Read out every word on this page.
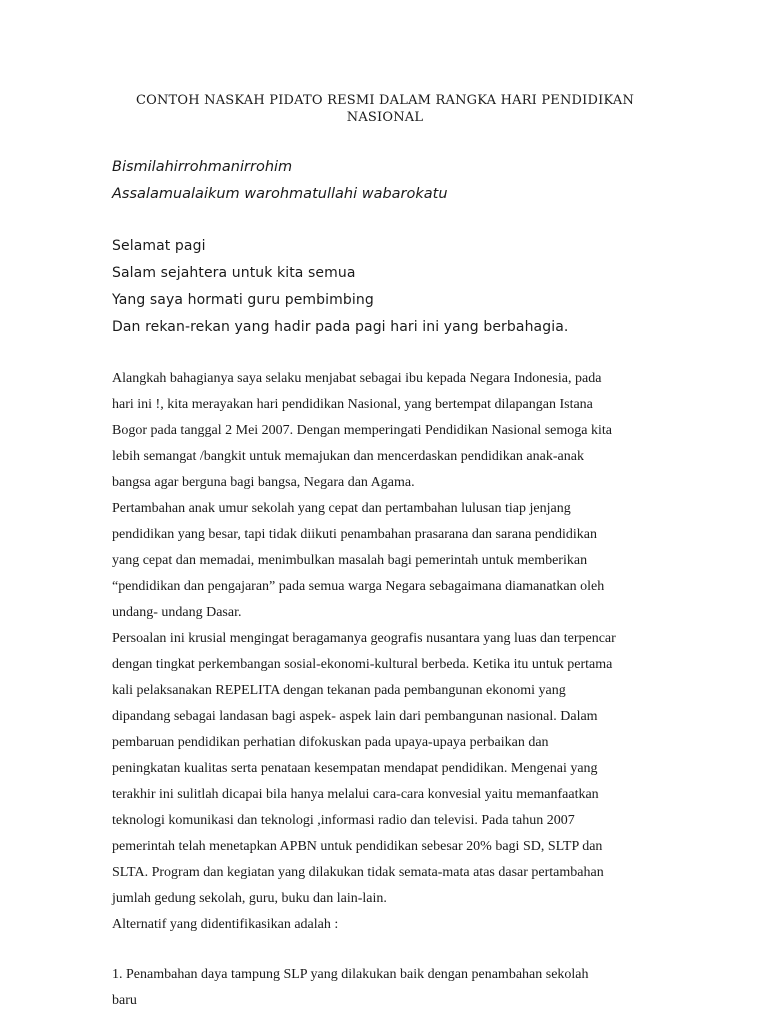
CONTOH NASKAH PIDATO RESMI DALAM RANGKA HARI PENDIDIKAN
NASIONAL
Bismilahirrohmanirrohim
Assalamualaikum warohmatullahi wabarokatu
Selamat pagi
Salam sejahtera untuk kita semua
Yang saya hormati guru pembimbing
Dan rekan-rekan yang hadir pada pagi hari ini yang berbahagia.
Alangkah bahagianya saya selaku menjabat sebagai ibu kepada Negara Indonesia, pada
hari ini !, kita merayakan hari pendidikan Nasional, yang bertempat dilapangan Istana
Bogor pada tanggal 2 Mei 2007. Dengan memperingati Pendidikan Nasional semoga kita
lebih semangat /bangkit untuk memajukan dan mencerdaskan pendidikan anak-anak
bangsa agar berguna bagi bangsa, Negara dan Agama.
Pertambahan anak umur sekolah yang cepat dan pertambahan lulusan tiap jenjang
pendidikan yang besar, tapi tidak diikuti penambahan prasarana dan sarana pendidikan
yang cepat dan memadai, menimbulkan masalah bagi pemerintah untuk memberikan
“pendidikan dan pengajaran” pada semua warga Negara sebagaimana diamanatkan oleh
undang- undang Dasar.
Persoalan ini krusial mengingat beragamanya geografis nusantara yang luas dan terpencar
dengan tingkat perkembangan sosial-ekonomi-kultural berbeda. Ketika itu untuk pertama
kali pelaksanakan REPELITA dengan tekanan pada pembangunan ekonomi yang
dipandang sebagai landasan bagi aspek- aspek lain dari pembangunan nasional. Dalam
pembaruan pendidikan perhatian difokuskan pada upaya-upaya perbaikan dan
peningkatan kualitas serta penataan kesempatan mendapat pendidikan. Mengenai yang
terakhir ini sulitlah dicapai bila hanya melalui cara-cara konvesial yaitu memanfaatkan
teknologi komunikasi dan teknologi ,informasi radio dan televisi. Pada tahun 2007
pemerintah telah menetapkan APBN untuk pendidikan sebesar 20% bagi SD, SLTP dan
SLTA. Program dan kegiatan yang dilakukan tidak semata-mata atas dasar pertambahan
jumlah gedung sekolah, guru, buku dan lain-lain.
Alternatif yang didentifikasikan adalah :
1. Penambahan daya tampung SLP yang dilakukan baik dengan penambahan sekolah
baru
